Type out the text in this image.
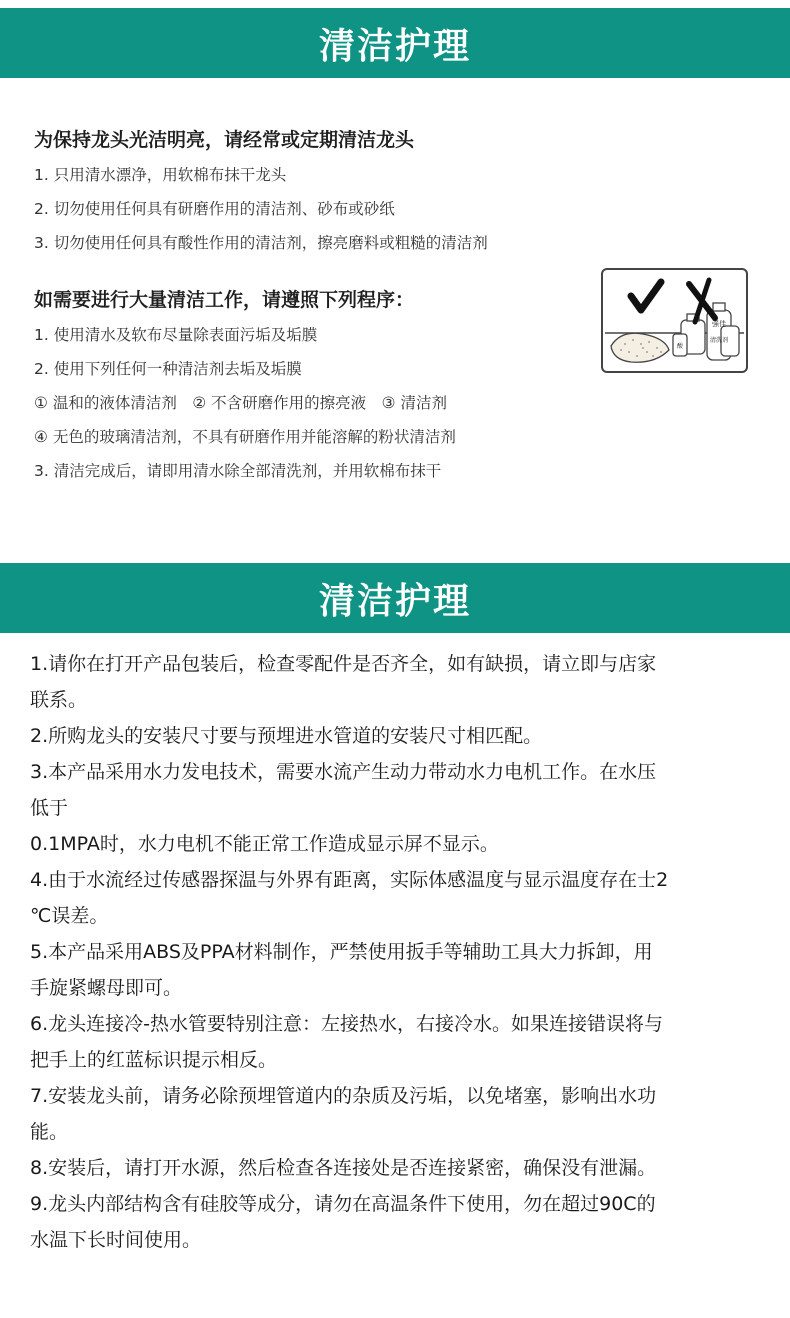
清洁护理
为保持龙头光洁明亮，请经常或定期清洁龙头
1. 只用清水漂净，用软棉布抹干龙头
2. 切勿使用任何具有研磨作用的清洁剂、砂布或砂纸
3. 切勿使用任何具有酸性作用的清洁剂，擦亮磨料或粗糙的清洁剂
如需要进行大量清洁工作，请遵照下列程序：
1. 使用清水及软布尽量除表面污垢及垢膜
2. 使用下列任何一种清洁剂去垢及垢膜
① 温和的液体清洁剂　② 不含研磨作用的擦亮液　③ 清洁剂
④ 无色的玻璃清洁剂，不具有研磨作用并能溶解的粉状清洁剂
3. 清洁完成后，请即用清水除全部清洗剂，并用软棉布抹干
强佳
清洗剂
酸
清洁护理
1.请你在打开产品包装后，检查零配件是否齐全，如有缺损，请立即与店家
联系。
2.所购龙头的安装尺寸要与预埋进水管道的安装尺寸相匹配。
3.本产品采用水力发电技术，需要水流产生动力带动水力电机工作。在水压
低于
0.1MPA时，水力电机不能正常工作造成显示屏不显示。
4.由于水流经过传感器探温与外界有距离，实际体感温度与显示温度存在士2
℃误差。
5.本产品采用ABS及PPA材料制作，严禁使用扳手等辅助工具大力拆卸，用
手旋紧螺母即可。
6.龙头连接冷-热水管要特别注意：左接热水，右接冷水。如果连接错误将与
把手上的红蓝标识提示相反。
7.安装龙头前，请务必除预埋管道内的杂质及污垢，以免堵塞，影响出水功
能。
8.安装后，请打开水源，然后检查各连接处是否连接紧密，确保没有泄漏。
9.龙头内部结构含有硅胶等成分，请勿在高温条件下使用，勿在超过90C的
水温下长时间使用。
